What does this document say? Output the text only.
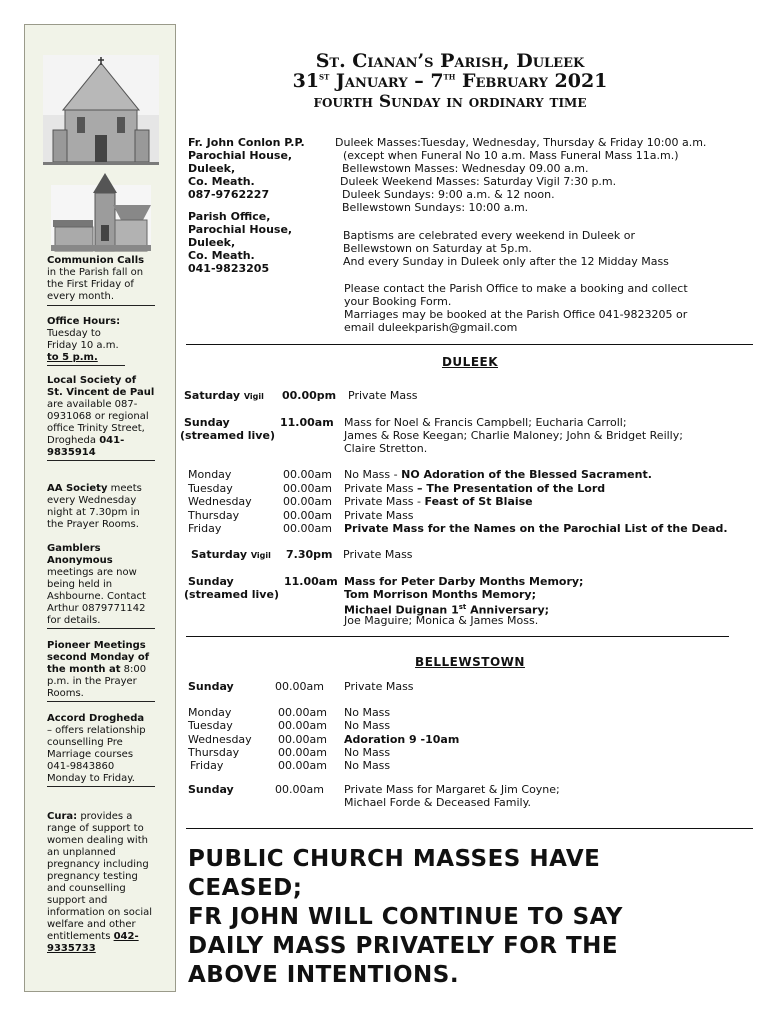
Communion Calls

in the Parish fall on the First Friday of every month.
Office Hours:

Tuesday to Friday 10 a.m. to 5 p.m.
Local Society of St. Vincent de Paul are available 087-0931068 or regional office Trinity Street, Drogheda 041-9835914
AA Society meets every Wednesday night at 7.30pm in the Prayer Rooms.
Gamblers Anonymous
meetings are now being held in Ashbourne. Contact Arthur 0879771142 for details.
Pioneer Meetings second Monday of the month at 8:00 p.m. in the Prayer Rooms.
Accord Drogheda
– offers relationship counselling Pre Marriage courses 041-9843860 Monday to Friday.
Cura: provides a range of support to women dealing with an unplanned pregnancy including pregnancy testing and counselling support and information on social welfare and other entitlements 042-9335733
St. Cianan’s Parish, Duleek
31st January – 7th February 2021
fourth Sunday in ordinary time
Fr. John Conlon P.P.
Parochial House,
Duleek,
Co. Meath.
087-9762227
Parish Office,
Parochial House,
Duleek,
Co. Meath.
041-9823205
Duleek Masses:Tuesday, Wednesday, Thursday & Friday 10:00 a.m.
(except when Funeral No 10 a.m. Mass Funeral Mass 11a.m.)
Bellewstown Masses: Wednesday 09.00 a.m.
Duleek Weekend Masses: Saturday Vigil 7:30 p.m.
Duleek Sundays: 9:00 a.m. & 12 noon.
Bellewstown Sundays: 10:00 a.m.
Baptisms are celebrated every weekend in Duleek or
Bellewstown on Saturday at 5p.m.
And every Sunday in Duleek only after the 12 Midday Mass
Please contact the Parish Office to make a booking and collect
your Booking Form.
Marriages may be booked at the Parish Office 041-9823205 or
email duleekparish@gmail.com
DULEEK
Saturday Vigil 00.00pm Private Mass
Sunday	11.00am
(streamed live)
Mass for Noel & Francis Campbell; Eucharia Carroll;
James & Rose Keegan; Charlie Maloney; John & Bridget Reilly;
Claire Stretton.
Monday	00.00am No Mass - NO Adoration of the Blessed Sacrament.
Tuesday	00.00am Private Mass – The Presentation of the Lord
Wednesday	00.00am Private Mass - Feast of St Blaise
Thursday	00.00am Private Mass
Friday	00.00am Private Mass for the Names on the Parochial List of the Dead.
Saturday Vigil 7.30pm Private Mass
Sunday	11.00am
(streamed live)
Mass for Peter Darby Months Memory;
Tom Morrison Months Memory;
Michael Duignan 1st Anniversary;
Joe Maguire; Monica & James Moss.
BELLEWSTOWN
Sunday	00.00am Private Mass
Monday	00.00am No Mass
Tuesday	00.00am No Mass
Wednesday 00.00am Adoration 9 -10am
Thursday	00.00am No Mass
Friday	00.00am No Mass
Sunday	00.00am Private Mass for Margaret & Jim Coyne;
Michael Forde & Deceased Family.
PUBLIC CHURCH MASSES HAVE
CEASED;
FR JOHN WILL CONTINUE TO SAY
DAILY MASS PRIVATELY FOR THE
ABOVE INTENTIONS.
